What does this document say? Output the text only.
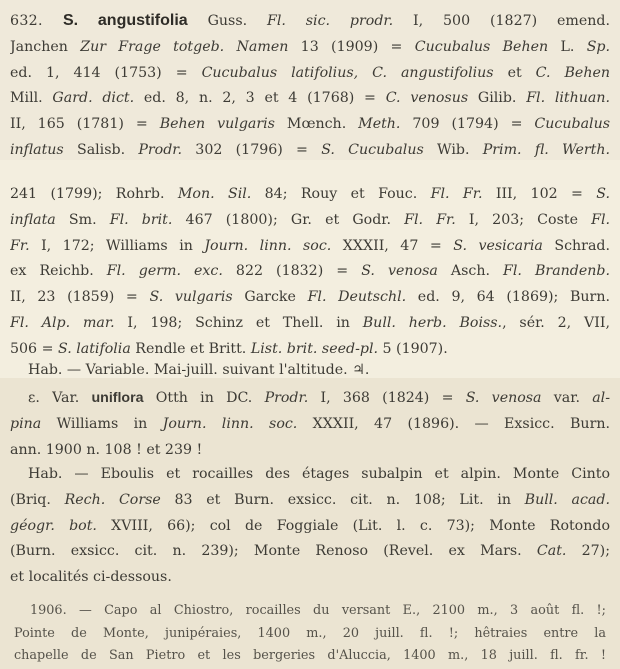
632. S. angustifolia Guss. Fl. sic. prodr. I, 500 (1827) emend.
Janchen Zur Frage totgeb. Namen 13 (1909) = Cucubalus Behen L. Sp.
ed. 1, 414 (1753) = Cucubalus latifolius, C. angustifolius et C. Behen
Mill. Gard. dict. ed. 8, n. 2, 3 et 4 (1768) = C. venosus Gilib. Fl. lithuan.
II, 165 (1781) = Behen vulgaris Mœnch. Meth. 709 (1794) = Cucubalus
inflatus Salisb. Prodr. 302 (1796) = S. Cucubalus Wib. Prim. fl. Werth.

241 (1799); Rohrb. Mon. Sil. 84; Rouy et Fouc. Fl. Fr. III, 102 = S.
inflata Sm. Fl. brit. 467 (1800); Gr. et Godr. Fl. Fr. I, 203; Coste Fl.
Fr. I, 172; Williams in Journ. linn. soc. XXXII, 47 = S. vesicaria Schrad.
ex Reichb. Fl. germ. exc. 822 (1832) = S. venosa Asch. Fl. Brandenb.
II, 23 (1859) = S. vulgaris Garcke Fl. Deutschl. ed. 9, 64 (1869); Burn.
Fl. Alp. mar. I, 198; Schinz et Thell. in Bull. herb. Boiss., sér. 2, VII,
506 = S. latifolia Rendle et Britt. List. brit. seed-pl. 5 (1907).

Hab. — Variable. Mai-juill. suivant l'altitude. ♃.

ε. Var. uniflora Otth in DC. Prodr. I, 368 (1824) = S. venosa var. al-
pina Williams in Journ. linn. soc. XXXII, 47 (1896). — Exsicc. Burn.
ann. 1900 n. 108 ! et 239 !

Hab. — Eboulis et rocailles des étages subalpin et alpin. Monte Cinto
(Briq. Rech. Corse 83 et Burn. exsicc. cit. n. 108; Lit. in Bull. acad.
géogr. bot. XVIII, 66); col de Foggiale (Lit. l. c. 73); Monte Rotondo
(Burn. exsicc. cit. n. 239); Monte Renoso (Revel. ex Mars. Cat. 27);
et localités ci-dessous.

1906. — Capo al Chiostro, rocailles du versant E., 2100 m., 3 août fl. !;
Pointe de Monte, junipéraies, 1400 m., 20 juill. fl. !; hêtraies entre la
chapelle de San Pietro et les bergeries d'Aluccia, 1400 m., 18 juill. fl. fr. !
